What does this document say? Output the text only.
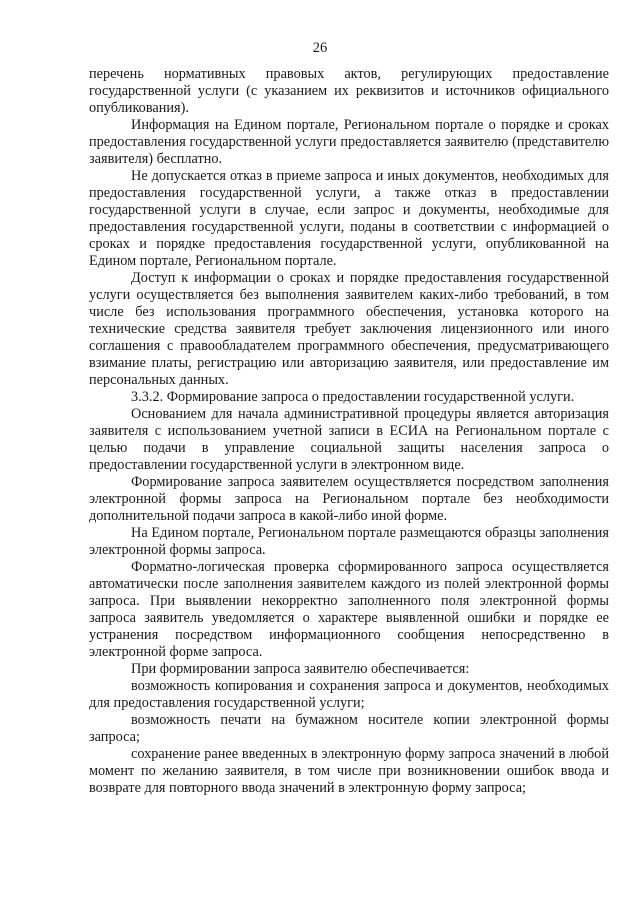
26

перечень нормативных правовых актов, регулирующих предоставление государственной услуги (с указанием их реквизитов и источников официального опубликования).

Информация на Едином портале, Региональном портале о порядке и сроках предоставления государственной услуги предоставляется заявителю (представителю заявителя) бесплатно.

Не допускается отказ в приеме запроса и иных документов, необходимых для предоставления государственной услуги, а также отказ в предоставлении государственной услуги в случае, если запрос и документы, необходимые для предоставления государственной услуги, поданы в соответствии с информацией о сроках и порядке предоставления государственной услуги, опубликованной на Едином портале, Региональном портале.

Доступ к информации о сроках и порядке предоставления государственной услуги осуществляется без выполнения заявителем каких-либо требований, в том числе без использования программного обеспечения, установка которого на технические средства заявителя требует заключения лицензионного или иного соглашения с правообладателем программного обеспечения, предусматривающего взимание платы, регистрацию или авторизацию заявителя, или предоставление им персональных данных.

3.3.2. Формирование запроса о предоставлении государственной услуги.

Основанием для начала административной процедуры является авторизация заявителя с использованием учетной записи в ЕСИА на Региональном портале с целью подачи в управление социальной защиты населения запроса о предоставлении государственной услуги в электронном виде.

Формирование запроса заявителем осуществляется посредством заполнения электронной формы запроса на Региональном портале без необходимости дополнительной подачи запроса в какой-либо иной форме.

На Едином портале, Региональном портале размещаются образцы заполнения электронной формы запроса.

Форматно-логическая проверка сформированного запроса осуществляется автоматически после заполнения заявителем каждого из полей электронной формы запроса. При выявлении некорректно заполненного поля электронной формы запроса заявитель уведомляется о характере выявленной ошибки и порядке ее устранения посредством информационного сообщения непосредственно в электронной форме запроса.

При формировании запроса заявителю обеспечивается:

возможность копирования и сохранения запроса и документов, необходимых для предоставления государственной услуги;

возможность печати на бумажном носителе копии электронной формы запроса;

сохранение ранее введенных в электронную форму запроса значений в любой момент по желанию заявителя, в том числе при возникновении ошибок ввода и возврате для повторного ввода значений в электронную форму запроса;
